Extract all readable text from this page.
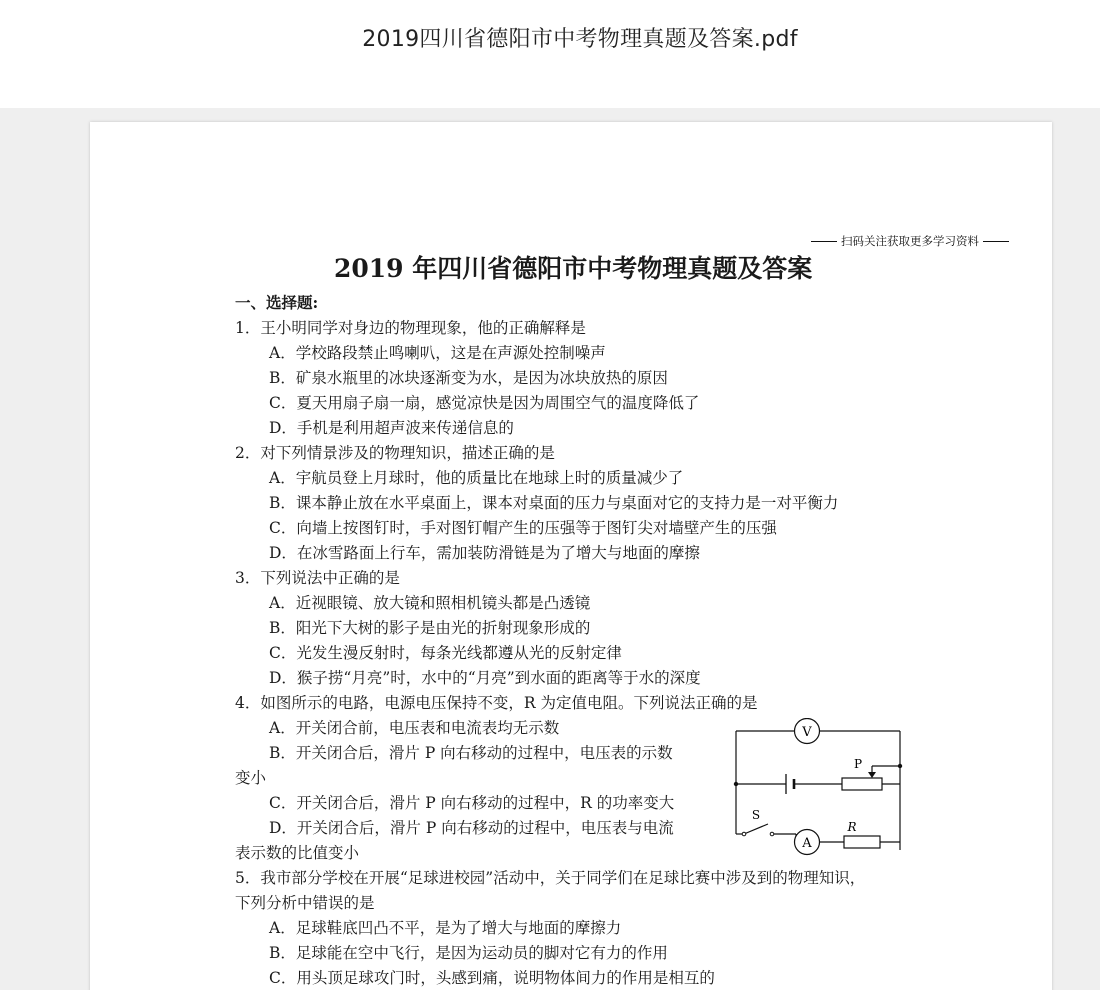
2019四川省德阳市中考物理真题及答案.pdf
扫码关注获取更多学习资料
2019 年四川省德阳市中考物理真题及答案
一、选择题:
1．王小明同学对身边的物理现象，他的正确解释是
A．学校路段禁止鸣喇叭，这是在声源处控制噪声
B．矿泉水瓶里的冰块逐渐变为水，是因为冰块放热的原因
C．夏天用扇子扇一扇，感觉凉快是因为周围空气的温度降低了
D．手机是利用超声波来传递信息的
2．对下列情景涉及的物理知识，描述正确的是
A．宇航员登上月球时，他的质量比在地球上时的质量减少了
B．课本静止放在水平桌面上，课本对桌面的压力与桌面对它的支持力是一对平衡力
C．向墙上按图钉时，手对图钉帽产生的压强等于图钉尖对墙壁产生的压强
D．在冰雪路面上行车，需加装防滑链是为了增大与地面的摩擦
3．下列说法中正确的是
A．近视眼镜、放大镜和照相机镜头都是凸透镜
B．阳光下大树的影子是由光的折射现象形成的
C．光发生漫反射时，每条光线都遵从光的反射定律
D．猴子捞“月亮”时，水中的“月亮”到水面的距离等于水的深度
4．如图所示的电路，电源电压保持不变，R 为定值电阻。下列说法正确的是
A．开关闭合前，电压表和电流表均无示数
B．开关闭合后，滑片 P 向右移动的过程中，电压表的示数
变小
C．开关闭合后，滑片 P 向右移动的过程中，R 的功率变大
D．开关闭合后，滑片 P 向右移动的过程中，电压表与电流
表示数的比值变小
V
A
P
S
R
5．我市部分学校在开展“足球进校园”活动中，关于同学们在足球比赛中涉及到的物理知识，
下列分析中错误的是
A．足球鞋底凹凸不平，是为了增大与地面的摩擦力
B．足球能在空中飞行，是因为运动员的脚对它有力的作用
C．用头顶足球攻门时，头感到痛，说明物体间力的作用是相互的
